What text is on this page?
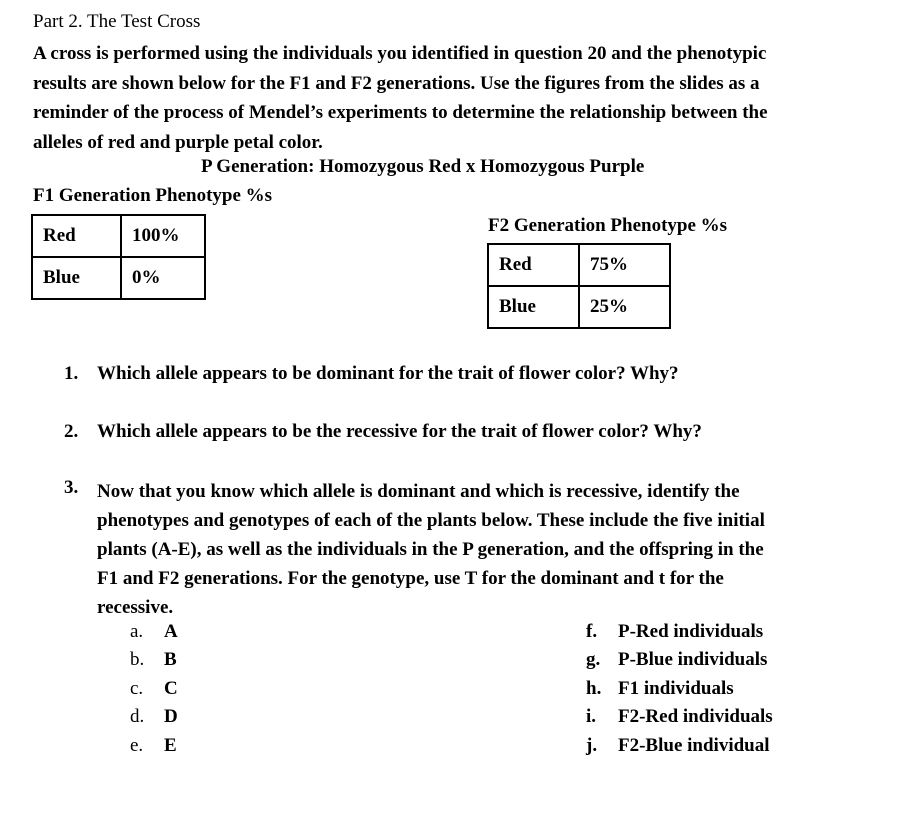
Part 2. The Test Cross
A cross is performed using the individuals you identified in question 20 and the phenotypic
results are shown below for the F1 and F2 generations. Use the figures from the slides as a
reminder of the process of Mendel’s experiments to determine the relationship between the
alleles of red and purple petal color.
P Generation: Homozygous Red x Homozygous Purple
F1 Generation Phenotype %s
Red	100%
Blue	0%
F2 Generation Phenotype %s
Red	75%
Blue	25%
1. Which allele appears to be dominant for the trait of flower color? Why?
2. Which allele appears to be the recessive for the trait of flower color? Why?
3. Now that you know which allele is dominant and which is recessive, identify the
phenotypes and genotypes of each of the plants below. These include the five initial
plants (A-E), as well as the individuals in the P generation, and the offspring in the
F1 and F2 generations. For the genotype, use T for the dominant and t for the
recessive.
a. A
b. B
c. C
d. D
e. E
f. P-Red individuals
g. P-Blue individuals
h. F1 individuals
i. F2-Red individuals
j. F2-Blue individual
